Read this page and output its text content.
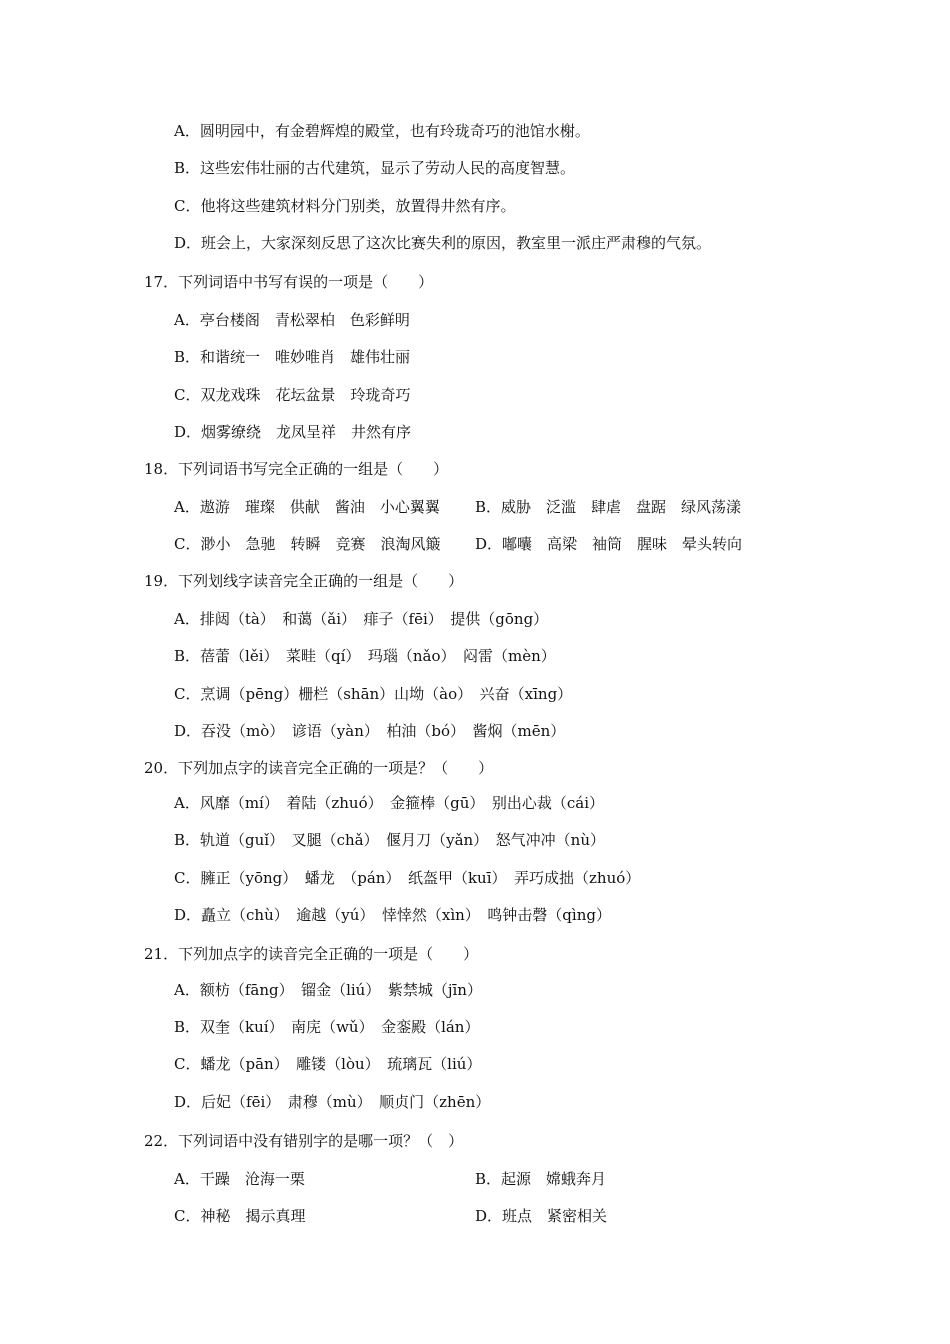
A．圆明园中，有金碧辉煌的殿堂，也有玲珑奇巧的池馆水榭。
B．这些宏伟壮丽的古代建筑，显示了劳动人民的高度智慧。
C．他将这些建筑材料分门别类，放置得井然有序。
D．班会上，大家深刻反思了这次比赛失利的原因，教室里一派庄严肃穆的气氛。
17．下列词语中书写有误的一项是（　　）
A．亭台楼阁　青松翠柏　色彩鲜明
B．和谐统一　唯妙唯肖　雄伟壮丽
C．双龙戏珠　花坛盆景　玲珑奇巧
D．烟雾缭绕　龙凤呈祥　井然有序
18．下列词语书写完全正确的一组是（　　）
A．遨游　璀璨　供献　酱油　小心翼翼 B．威胁　泛滥　肆虐　盘踞　绿风荡漾
C．渺小　急驰　转瞬　竞赛　浪淘风簸 D．嘟囔　高梁　袖筒　腥味　晕头转向
19．下列划线字读音完全正确的一组是（　　）
A．排闼（tà）　和蔼（ǎi）　痱子（fēi）　提供（gōng）
B．蓓蕾（lěi）　菜畦（qí）　玛瑙（nǎo）　闷雷（mèn）
C．烹调（pēng）栅栏（shān）山坳（ào）　兴奋（xīng）
D．吞没（mò）　谚语（yàn）　柏油（bó）　酱焖（mēn）
20．下列加点字的读音完全正确的一项是？（　　）
A．风靡（mí）　着陆（zhuó）　金箍棒（gū）　别出心裁（cái）
B．轨道（guǐ）　叉腿（chǎ）　偃月刀（yǎn）　怒气冲冲（nù）
C．臃正（yōng）　蟠龙　（pán）　纸盔甲（kuī）　弄巧成拙（zhuó）
D．矗立（chù）　逾越（yú）　悻悻然（xìn）　鸣钟击磬（qìng）
21．下列加点字的读音完全正确的一项是（　　）
A．额枋（fāng）　镏金（liú）　紫禁城（jīn）
B．双奎（kuí）　南庑（wǔ）　金銮殿（lán）
C．蟠龙（pān）　雕镂（lòu）　琉璃瓦（liú）
D．后妃（fēi）　肃穆（mù）　顺贞门（zhēn）
22．下列词语中没有错别字的是哪一项？（　）
A．干躁　沧海一栗	B．起源　嫦蛾奔月
C．神秘　揭示真理	D．班点　紧密相关
